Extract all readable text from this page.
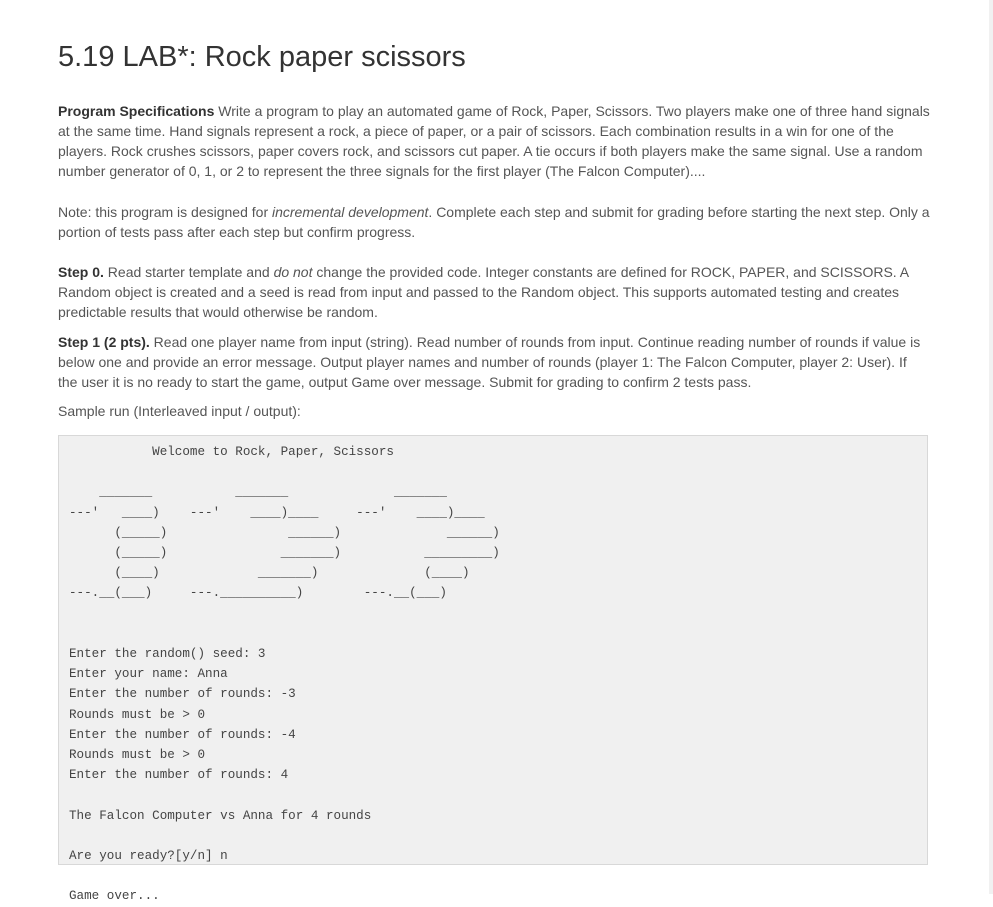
5.19 LAB*: Rock paper scissors

Program Specifications Write a program to play an automated game of Rock, Paper, Scissors. Two players make one of three hand signals at the same time. Hand signals represent a rock, a piece of paper, or a pair of scissors. Each combination results in a win for one of the players. Rock crushes scissors, paper covers rock, and scissors cut paper. A tie occurs if both players make the same signal. Use a random number generator of 0, 1, or 2 to represent the three signals for the first player (The Falcon Computer)....

Note: this program is designed for incremental development. Complete each step and submit for grading before starting the next step. Only a portion of tests pass after each step but confirm progress.

Step 0. Read starter template and do not change the provided code. Integer constants are defined for ROCK, PAPER, and SCISSORS. A Random object is created and a seed is read from input and passed to the Random object. This supports automated testing and creates predictable results that would otherwise be random.

Step 1 (2 pts). Read one player name from input (string). Read number of rounds from input. Continue reading number of rounds if value is below one and provide an error message. Output player names and number of rounds (player 1: The Falcon Computer, player 2: User). If the user it is no ready to start the game, output Game over message. Submit for grading to confirm 2 tests pass.

Sample run (Interleaved input / output):

Welcome to Rock, Paper, Scissors

_______           _______              _______
---'   ____)    ---'    ____)____     ---'    ____)____
(_____)                ______)              ______)
(_____)               _______)           _________)
(____)             _______)              (____)
---.__(___)     ---.__________)        ---.__(___)

Enter the random() seed: 3
Enter your name: Anna
Enter the number of rounds: -3
Rounds must be > 0
Enter the number of rounds: -4
Rounds must be > 0
Enter the number of rounds: 4

The Falcon Computer vs Anna for 4 rounds

Are you ready?[y/n] n

Game over...
